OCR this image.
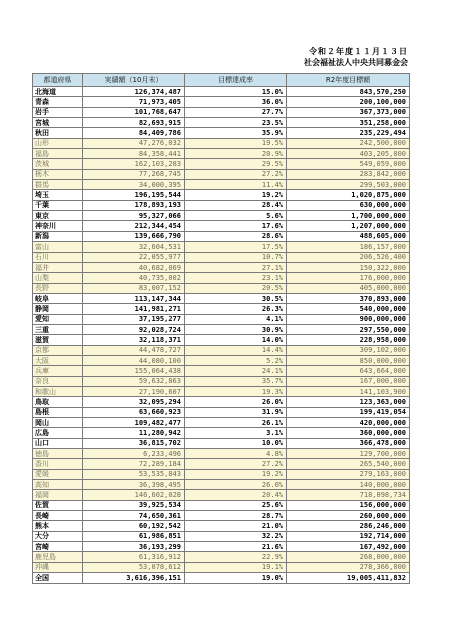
令和２年度１１月１３日
社会福祉法人中央共同募金会
都道府県	実績額（10月末）	目標達成率	R2年度目標額
北海道	126,374,487	15.0%	843,570,250
青森	71,973,405	36.0%	200,100,000
岩手	101,768,647	27.7%	367,373,000
宮城	82,693,915	23.5%	351,258,000
秋田	84,409,786	35.9%	235,229,494
山形	47,276,032	19.5%	242,500,000
福島	84,358,441	20.9%	403,205,000
茨城	162,103,283	29.5%	549,059,000
栃木	77,268,745	27.2%	283,842,000
群馬	34,000,395	11.4%	299,503,000
埼玉	196,195,544	19.2%	1,020,875,000
千葉	178,893,193	28.4%	630,000,000
東京	95,327,066	5.6%	1,700,000,000
神奈川	212,344,454	17.6%	1,207,000,000
新潟	139,666,790	28.6%	488,605,000
富山	32,604,531	17.5%	186,157,000
石川	22,055,977	10.7%	206,526,400
福井	40,682,069	27.1%	150,322,000
山梨	40,735,002	23.1%	176,000,000
長野	83,007,152	20.5%	405,000,000
岐阜	113,147,344	30.5%	370,893,000
静岡	141,981,271	26.3%	540,000,000
愛知	37,195,277	4.1%	900,000,000
三重	92,028,724	30.9%	297,550,000
滋賀	32,118,371	14.0%	228,958,000
京都	44,478,727	14.4%	309,102,000
大阪	44,080,100	5.2%	850,000,000
兵庫	155,064,438	24.1%	643,664,000
奈良	59,632,863	35.7%	167,000,000
和歌山	27,190,607	19.3%	141,103,900
鳥取	32,095,294	26.0%	123,363,000
島根	63,660,923	31.9%	199,419,054
岡山	109,482,477	26.1%	420,000,000
広島	11,280,942	3.1%	360,000,000
山口	36,815,702	10.0%	366,478,000
徳島	6,233,496	4.8%	129,700,000
香川	72,289,184	27.2%	265,540,000
愛媛	53,535,843	19.2%	279,163,000
高知	36,398,495	26.0%	140,000,000
福岡	146,602,028	20.4%	718,098,734
佐賀	39,925,534	25.6%	156,000,000
長崎	74,650,361	28.7%	260,000,000
熊本	60,192,542	21.0%	286,246,000
大分	61,986,851	32.2%	192,714,000
宮崎	36,193,299	21.6%	167,492,000
鹿児島	61,316,912	22.9%	268,000,000
沖縄	53,078,612	19.1%	278,366,000
全国	3,616,396,151	19.0%	19,005,411,832
